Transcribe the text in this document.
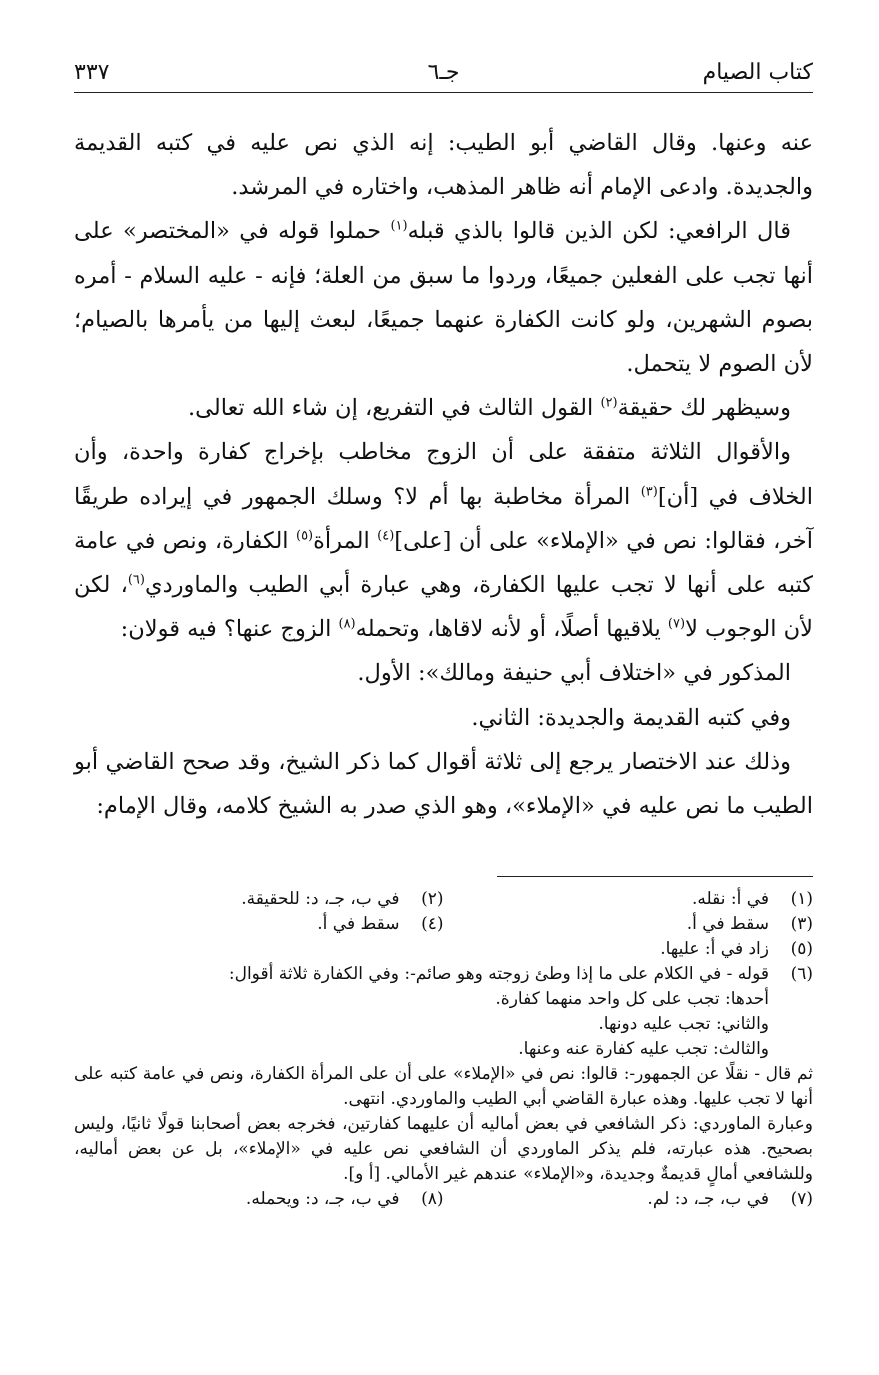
كتاب الصيام
جـ٦
٣٣٧

عنه وعنها. وقال القاضي أبو الطيب: إنه الذي نص عليه في كتبه القديمة والجديدة. وادعى الإمام أنه ظاهر المذهب، واختاره في المرشد.

قال الرافعي: لكن الذين قالوا بالذي قبله$^{(١)}$ حملوا قوله في «المختصر» على أنها تجب على الفعلين جميعًا، وردوا ما سبق من العلة؛ فإنه - عليه السلام - أمره بصوم الشهرين، ولو كانت الكفارة عنهما جميعًا، لبعث إليها من يأمرها بالصيام؛ لأن الصوم لا يتحمل.

وسيظهر لك حقيقة$^{(٢)}$ القول الثالث في التفريع، إن شاء الله تعالى.

والأقوال الثلاثة متفقة على أن الزوج مخاطب بإخراج كفارة واحدة، وأن الخلاف في [أن]$^{(٣)}$ المرأة مخاطبة بها أم لا؟ وسلك الجمهور في إيراده طريقًا آخر، فقالوا: نص في «الإملاء» على أن [على]$^{(٤)}$ المرأة$^{(٥)}$ الكفارة، ونص في عامة كتبه على أنها لا تجب عليها الكفارة، وهي عبارة أبي الطيب والماوردي$^{(٦)}$، لكن لأن الوجوب لا$^{(٧)}$ يلاقيها أصلًا، أو لأنه لاقاها، وتحمله$^{(٨)}$ الزوج عنها؟ فيه قولان:

المذكور في «اختلاف أبي حنيفة ومالك»: الأول.

وفي كتبه القديمة والجديدة: الثاني.

وذلك عند الاختصار يرجع إلى ثلاثة أقوال كما ذكر الشيخ، وقد صحح القاضي أبو الطيب ما نص عليه في «الإملاء»، وهو الذي صدر به الشيخ كلامه، وقال الإمام:

(١)
في أ: نقله.
(٢)
في ب، جـ، د: للحقيقة.
(٣)
سقط في أ.
(٤)
سقط في أ.
(٥)
زاد في أ: عليها.
(٦)
قوله - في الكلام على ما إذا وطئ زوجته وهو صائم-: وفي الكفارة ثلاثة أقوال:
أحدها: تجب على كل واحد منهما كفارة.
والثاني: تجب عليه دونها.
والثالث: تجب عليه كفارة عنه وعنها.
ثم قال - نقلًا عن الجمهور-: قالوا: نص في «الإملاء» على أن على المرأة الكفارة، ونص في عامة كتبه على أنها لا تجب عليها. وهذه عبارة القاضي أبي الطيب والماوردي. انتهى.
وعبارة الماوردي: ذكر الشافعي في بعض أماليه أن عليهما كفارتين، فخرجه بعض أصحابنا قولًا ثانيًا، وليس بصحيح. هذه عبارته، فلم يذكر الماوردي أن الشافعي نص عليه في «الإملاء»، بل عن بعض أماليه، وللشافعي أمالٍ قديمةٌ وجديدة، و«الإملاء» عندهم غير الأمالي. [أ و].
(٧)
في ب، جـ، د: لم.
(٨)
في ب، جـ، د: ويحمله.
